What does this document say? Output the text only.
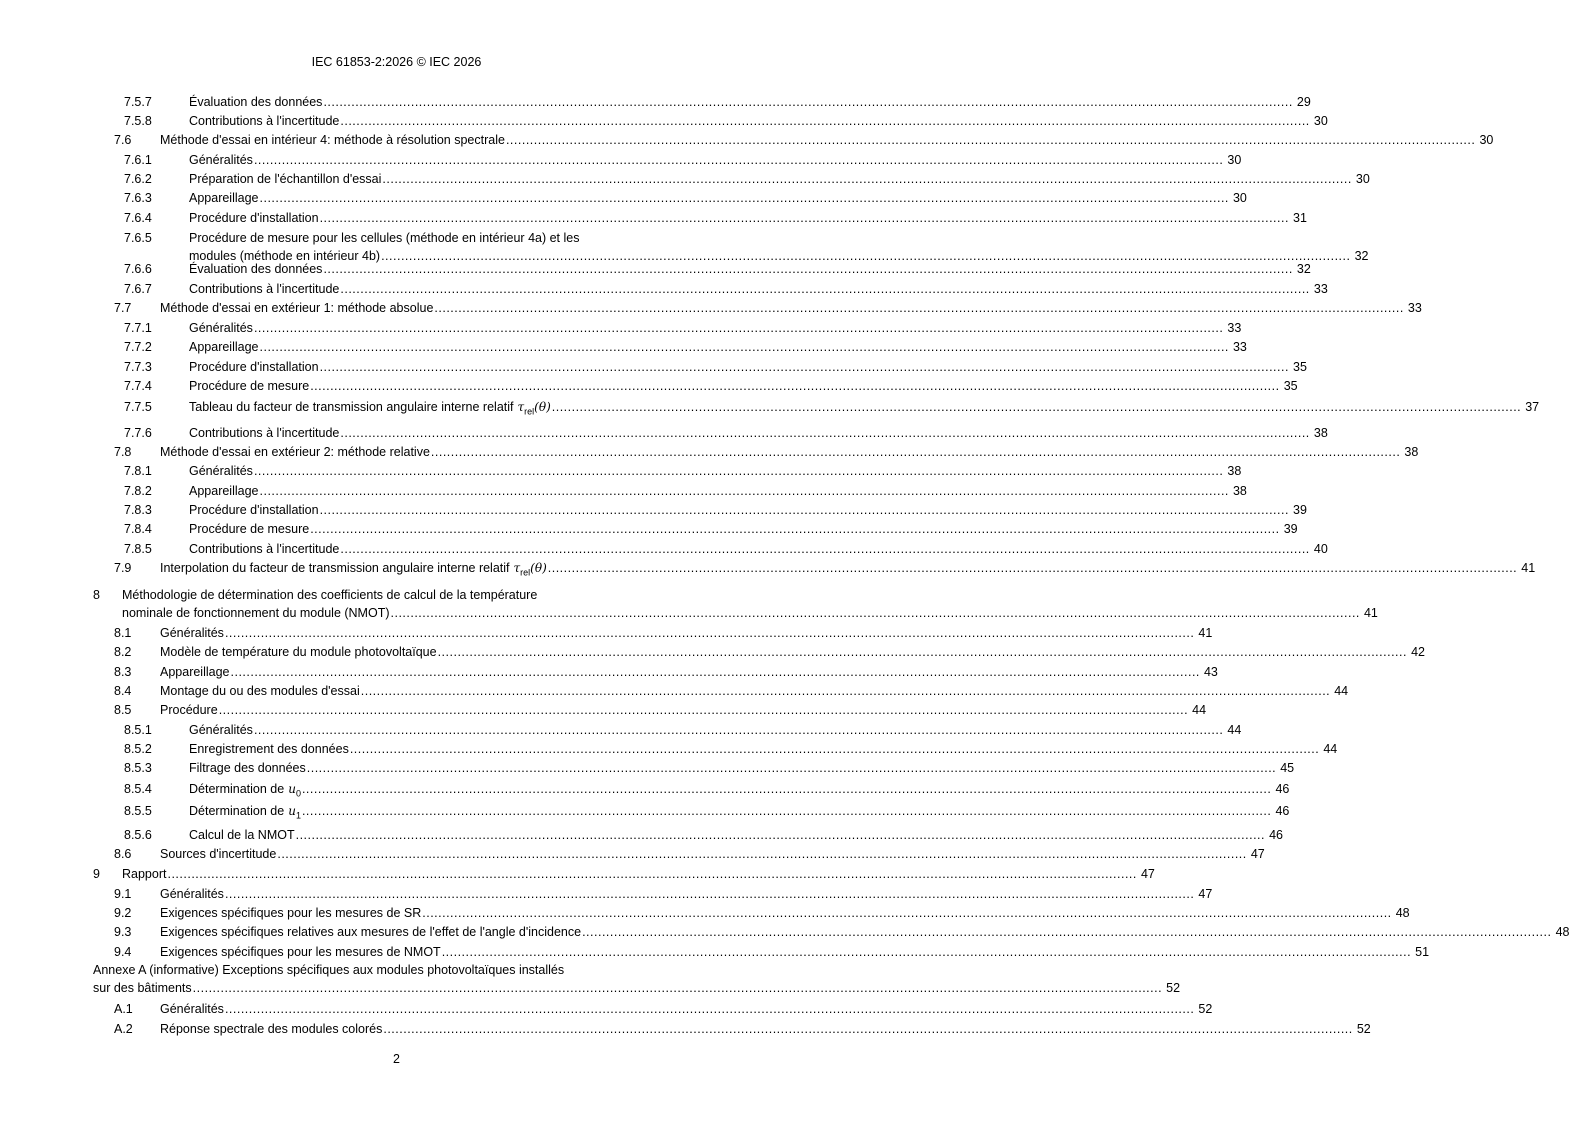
IEC 61853-2:2026 © IEC 2026
7.5.7	Évaluation des données .................................................................................................................................................................................................................................................... 29
7.5.8	Contributions à l'incertitude .................................................................................................................................................................................................................................................... 30
7.6 Méthode d'essai en intérieur 4: méthode à résolution spectrale .................................................................................................................................................................................................................................................... 30
7.6.1	Généralités .................................................................................................................................................................................................................................................... 30
7.6.2	Préparation de l'échantillon d'essai .................................................................................................................................................................................................................................................... 30
7.6.3	Appareillage .................................................................................................................................................................................................................................................... 30
7.6.4	Procédure d'installation .................................................................................................................................................................................................................................................... 31
7.6.5	Procédure de mesure pour les cellules (méthode en intérieur 4a) et les
modules (méthode en intérieur 4b) .................................................................................................................................................................................................................................................... 32
7.6.6	Évaluation des données .................................................................................................................................................................................................................................................... 32
7.6.7	Contributions à l'incertitude .................................................................................................................................................................................................................................................... 33
7.7 Méthode d'essai en extérieur 1: méthode absolue .................................................................................................................................................................................................................................................... 33
7.7.1	Généralités .................................................................................................................................................................................................................................................... 33
7.7.2	Appareillage .................................................................................................................................................................................................................................................... 33
7.7.3	Procédure d'installation .................................................................................................................................................................................................................................................... 35
7.7.4	Procédure de mesure .................................................................................................................................................................................................................................................... 35
7.7.5	Tableau du facteur de transmission angulaire interne relatif $\tau_{rel}(\theta)$ .................................................................................................................................................................................................................................................... 37
7.7.6	Contributions à l'incertitude .................................................................................................................................................................................................................................................... 38
7.8 Méthode d'essai en extérieur 2: méthode relative .................................................................................................................................................................................................................................................... 38
7.8.1	Généralités .................................................................................................................................................................................................................................................... 38
7.8.2	Appareillage .................................................................................................................................................................................................................................................... 38
7.8.3	Procédure d'installation .................................................................................................................................................................................................................................................... 39
7.8.4	Procédure de mesure .................................................................................................................................................................................................................................................... 39
7.8.5	Contributions à l'incertitude .................................................................................................................................................................................................................................................... 40
7.9 Interpolation du facteur de transmission angulaire interne relatif $\tau_{rel}(\theta)$ .................................................................................................................................................................................................................................................... 41
8 Méthodologie de détermination des coefficients de calcul de la température
nominale de fonctionnement du module (NMOT) .................................................................................................................................................................................................................................................... 41
8.1 Généralités .................................................................................................................................................................................................................................................... 41
8.2 Modèle de température du module photovoltaïque .................................................................................................................................................................................................................................................... 42
8.3 Appareillage .................................................................................................................................................................................................................................................... 43
8.4 Montage du ou des modules d'essai .................................................................................................................................................................................................................................................... 44
8.5 Procédure .................................................................................................................................................................................................................................................... 44
8.5.1	Généralités .................................................................................................................................................................................................................................................... 44
8.5.2	Enregistrement des données .................................................................................................................................................................................................................................................... 44
8.5.3	Filtrage des données .................................................................................................................................................................................................................................................... 45
8.5.4	Détermination de $u_0$ .................................................................................................................................................................................................................................................... 46
8.5.5	Détermination de $u_1$ .................................................................................................................................................................................................................................................... 46
8.5.6	Calcul de la NMOT .................................................................................................................................................................................................................................................... 46
8.6 Sources d'incertitude .................................................................................................................................................................................................................................................... 47
9 Rapport .................................................................................................................................................................................................................................................... 47
9.1 Généralités .................................................................................................................................................................................................................................................... 47
9.2 Exigences spécifiques pour les mesures de SR .................................................................................................................................................................................................................................................... 48
9.3 Exigences spécifiques relatives aux mesures de l'effet de l'angle d'incidence .................................................................................................................................................................................................................................................... 48
9.4 Exigences spécifiques pour les mesures de NMOT .................................................................................................................................................................................................................................................... 51
Annexe A (informative) Exceptions spécifiques aux modules photovoltaïques installés
sur des bâtiments .................................................................................................................................................................................................................................................... 52
A.1 Généralités .................................................................................................................................................................................................................................................... 52
A.2 Réponse spectrale des modules colorés .................................................................................................................................................................................................................................................... 52
2
